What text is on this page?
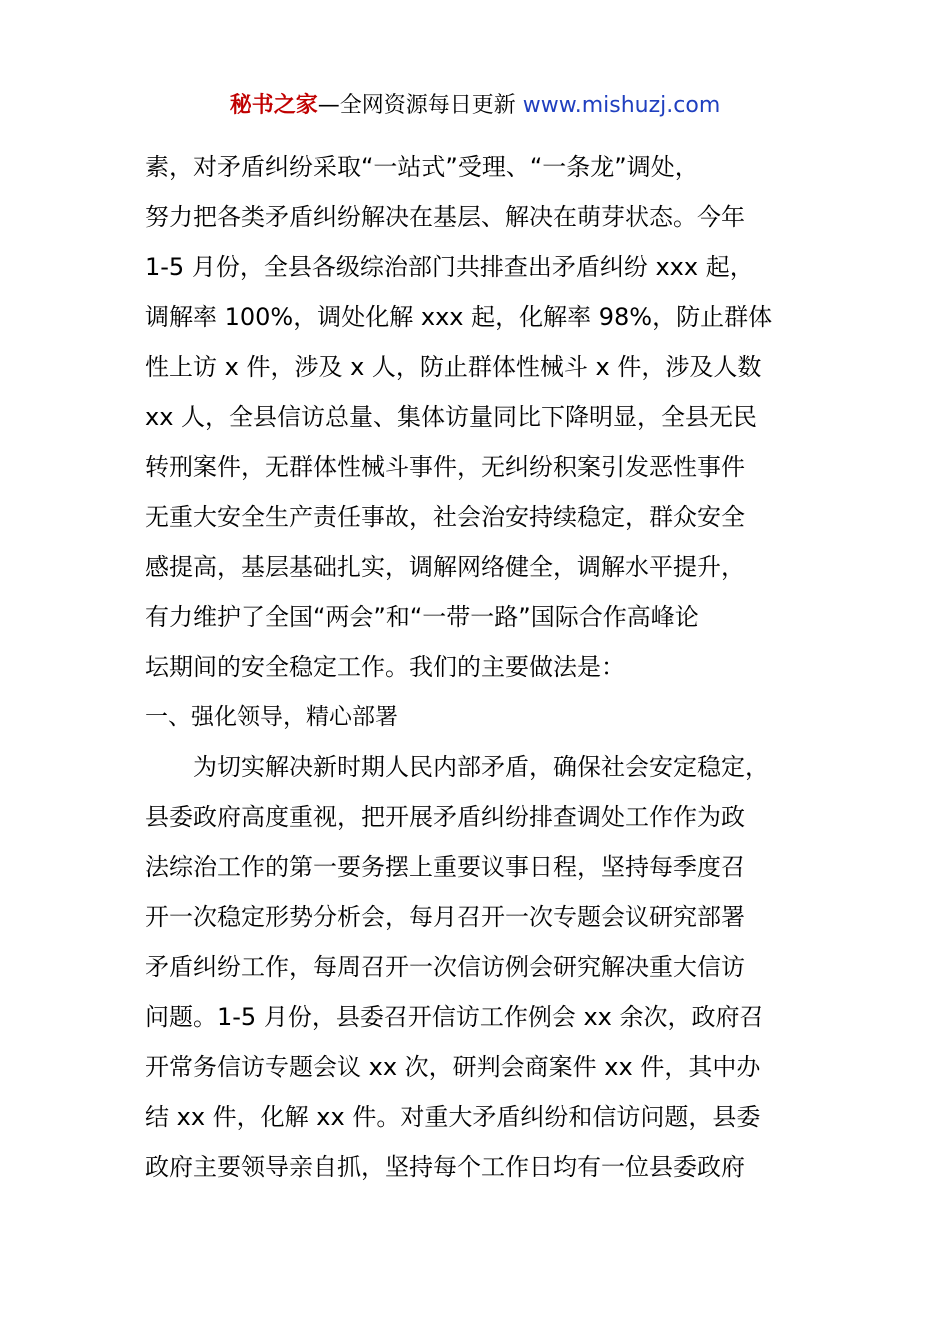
秘书之家—全网资源每日更新 www.mishuzj.com
素，对矛盾纠纷采取“一站式”受理、“一条龙”调处，
努力把各类矛盾纠纷解决在基层、解决在萌芽状态。今年
1-5 月份，全县各级综治部门共排查出矛盾纠纷 xxx 起，
调解率 100%，调处化解 xxx 起，化解率 98%，防止群体
性上访 x 件，涉及 x 人，防止群体性械斗 x 件，涉及人数
xx 人，全县信访总量、集体访量同比下降明显，全县无民
转刑案件，无群体性械斗事件，无纠纷积案引发恶性事件
无重大安全生产责任事故，社会治安持续稳定，群众安全
感提高，基层基础扎实，调解网络健全，调解水平提升，
有力维护了全国“两会”和“一带一路”国际合作高峰论
坛期间的安全稳定工作。我们的主要做法是：
一、强化领导，精心部署
为切实解决新时期人民内部矛盾，确保社会安定稳定，
县委政府高度重视，把开展矛盾纠纷排查调处工作作为政
法综治工作的第一要务摆上重要议事日程，坚持每季度召
开一次稳定形势分析会，每月召开一次专题会议研究部署
矛盾纠纷工作，每周召开一次信访例会研究解决重大信访
问题。1-5 月份，县委召开信访工作例会 xx 余次，政府召
开常务信访专题会议 xx 次，研判会商案件 xx 件，其中办
结 xx 件，化解 xx 件。对重大矛盾纠纷和信访问题，县委
政府主要领导亲自抓，坚持每个工作日均有一位县委政府
